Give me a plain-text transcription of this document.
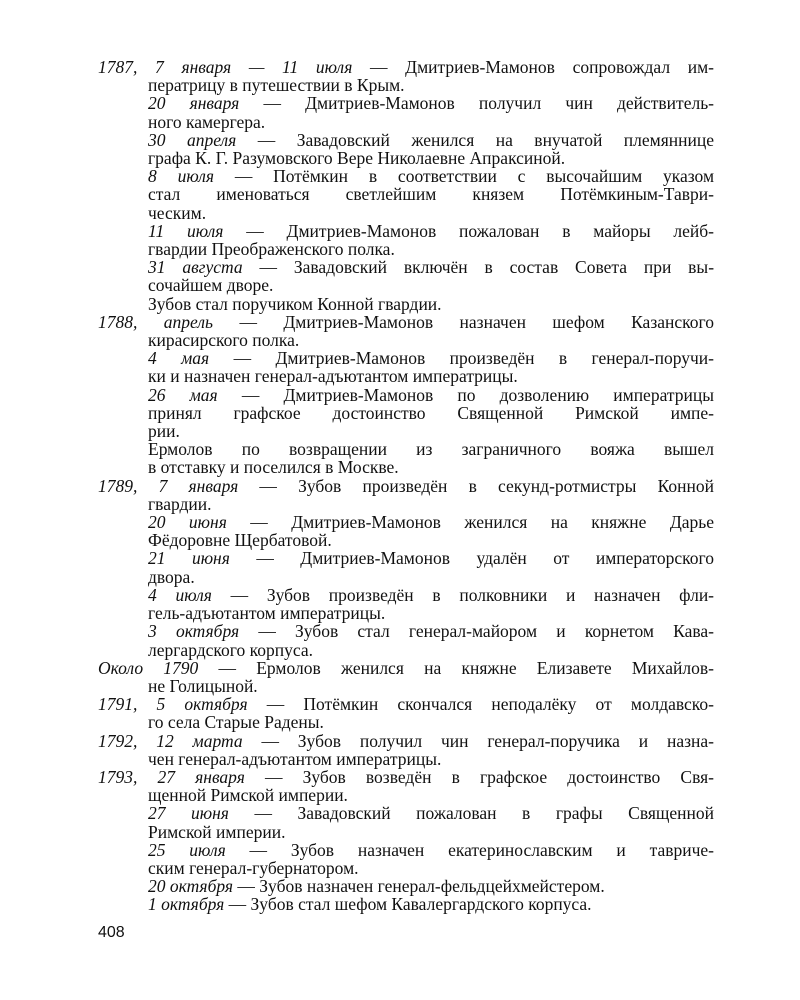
1787, 7 января — 11 июля — Дмитриев-Мамонов сопровождал им-
ператрицу в путешествии в Крым.
20 января — Дмитриев-Мамонов получил чин действитель-
ного камергера.
30 апреля — Завадовский женился на внучатой племяннице
графа К. Г. Разумовского Вере Николаевне Апраксиной.
8 июля — Потёмкин в соответствии с высочайшим указом
стал именоваться светлейшим князем Потёмкиным-Таври-
ческим.
11 июля — Дмитриев-Мамонов пожалован в майоры лейб-
гвардии Преображенского полка.
31 августа — Завадовский включён в состав Совета при вы-
сочайшем дворе.
Зубов стал поручиком Конной гвардии.
1788, апрель — Дмитриев-Мамонов назначен шефом Казанского
кирасирского полка.
4 мая — Дмитриев-Мамонов произведён в генерал-поручи-
ки и назначен генерал-адъютантом императрицы.
26 мая — Дмитриев-Мамонов по дозволению императрицы
принял графское достоинство Священной Римской импе-
рии.
Ермолов по возвращении из заграничного вояжа вышел
в отставку и поселился в Москве.
1789, 7 января — Зубов произведён в секунд-ротмистры Конной
гвардии.
20 июня — Дмитриев-Мамонов женился на княжне Дарье
Фёдоровне Щербатовой.
21 июня — Дмитриев-Мамонов удалён от императорского
двора.
4 июля — Зубов произведён в полковники и назначен фли-
гель-адъютантом императрицы.
3 октября — Зубов стал генерал-майором и корнетом Кава-
лергардского корпуса.
Около 1790 — Ермолов женился на княжне Елизавете Михайлов-
не Голицыной.
1791, 5 октября — Потёмкин скончался неподалёку от молдавско-
го села Старые Радены.
1792, 12 марта — Зубов получил чин генерал-поручика и назна-
чен генерал-адъютантом императрицы.
1793, 27 января — Зубов возведён в графское достоинство Свя-
щенной Римской империи.
27 июня — Завадовский пожалован в графы Священной
Римской империи.
25 июля — Зубов назначен екатеринославским и тавриче-
ским генерал-губернатором.
20 октября — Зубов назначен генерал-фельдцейхмейстером.
1 октября — Зубов стал шефом Кавалергардского корпуса.
408
